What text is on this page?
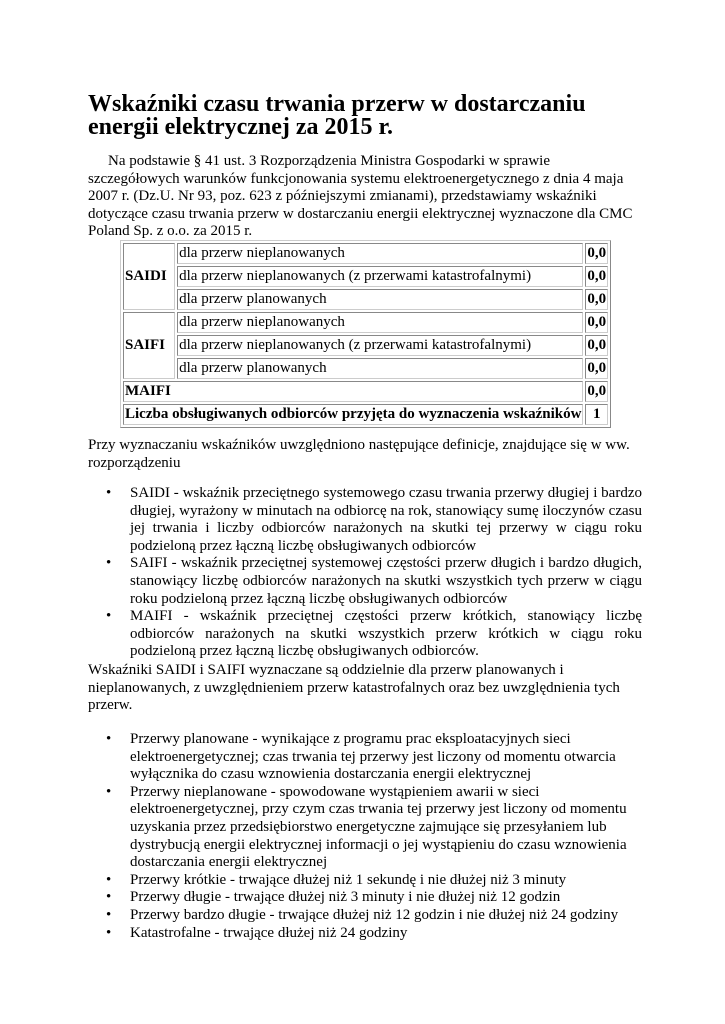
Wskaźniki czasu trwania przerw w dostarczaniu energii elektrycznej za 2015 r.

Na podstawie § 41 ust. 3 Rozporządzenia Ministra Gospodarki w sprawie szczegółowych warunków funkcjonowania systemu elektroenergetycznego z dnia 4 maja 2007 r. (Dz.U. Nr 93, poz. 623 z późniejszymi zmianami), przedstawiamy wskaźniki dotyczące czasu trwania przerw w dostarczaniu energii elektrycznej wyznaczone dla CMC Poland Sp. z o.o. za 2015 r.

SAIDI	dla przerw nieplanowanych	0,0
	dla przerw nieplanowanych (z przerwami katastrofalnymi)	0,0
	dla przerw planowanych	0,0
SAIFI	dla przerw nieplanowanych	0,0
	dla przerw nieplanowanych (z przerwami katastrofalnymi)	0,0
	dla przerw planowanych	0,0
MAIFI		0,0
Liczba obsługiwanych odbiorców przyjęta do wyznaczenia wskaźników		1

Przy wyznaczaniu wskaźników uwzględniono następujące definicje, znajdujące się w ww. rozporządzeniu

• SAIDI - wskaźnik przeciętnego systemowego czasu trwania przerwy długiej i bardzo długiej, wyrażony w minutach na odbiorcę na rok, stanowiący sumę iloczynów czasu jej trwania i liczby odbiorców narażonych na skutki tej przerwy w ciągu roku podzieloną przez łączną liczbę obsługiwanych odbiorców
• SAIFI - wskaźnik przeciętnej systemowej częstości przerw długich i bardzo długich, stanowiący liczbę odbiorców narażonych na skutki wszystkich tych przerw w ciągu roku podzieloną przez łączną liczbę obsługiwanych odbiorców
• MAIFI - wskaźnik przeciętnej częstości przerw krótkich, stanowiący liczbę odbiorców narażonych na skutki wszystkich przerw krótkich w ciągu roku podzieloną przez łączną liczbę obsługiwanych odbiorców.

Wskaźniki SAIDI i SAIFI wyznaczane są oddzielnie dla przerw planowanych i nieplanowanych, z uwzględnieniem przerw katastrofalnych oraz bez uwzględnienia tych przerw.

• Przerwy planowane - wynikające z programu prac eksploatacyjnych sieci elektroenergetycznej; czas trwania tej przerwy jest liczony od momentu otwarcia wyłącznika do czasu wznowienia dostarczania energii elektrycznej
• Przerwy nieplanowane - spowodowane wystąpieniem awarii w sieci elektroenergetycznej, przy czym czas trwania tej przerwy jest liczony od momentu uzyskania przez przedsiębiorstwo energetyczne zajmujące się przesyłaniem lub dystrybucją energii elektrycznej informacji o jej wystąpieniu do czasu wznowienia dostarczania energii elektrycznej
• Przerwy krótkie - trwające dłużej niż 1 sekundę i nie dłużej niż 3 minuty
• Przerwy długie - trwające dłużej niż 3 minuty i nie dłużej niż 12 godzin
• Przerwy bardzo długie - trwające dłużej niż 12 godzin i nie dłużej niż 24 godziny
• Katastrofalne - trwające dłużej niż 24 godziny
